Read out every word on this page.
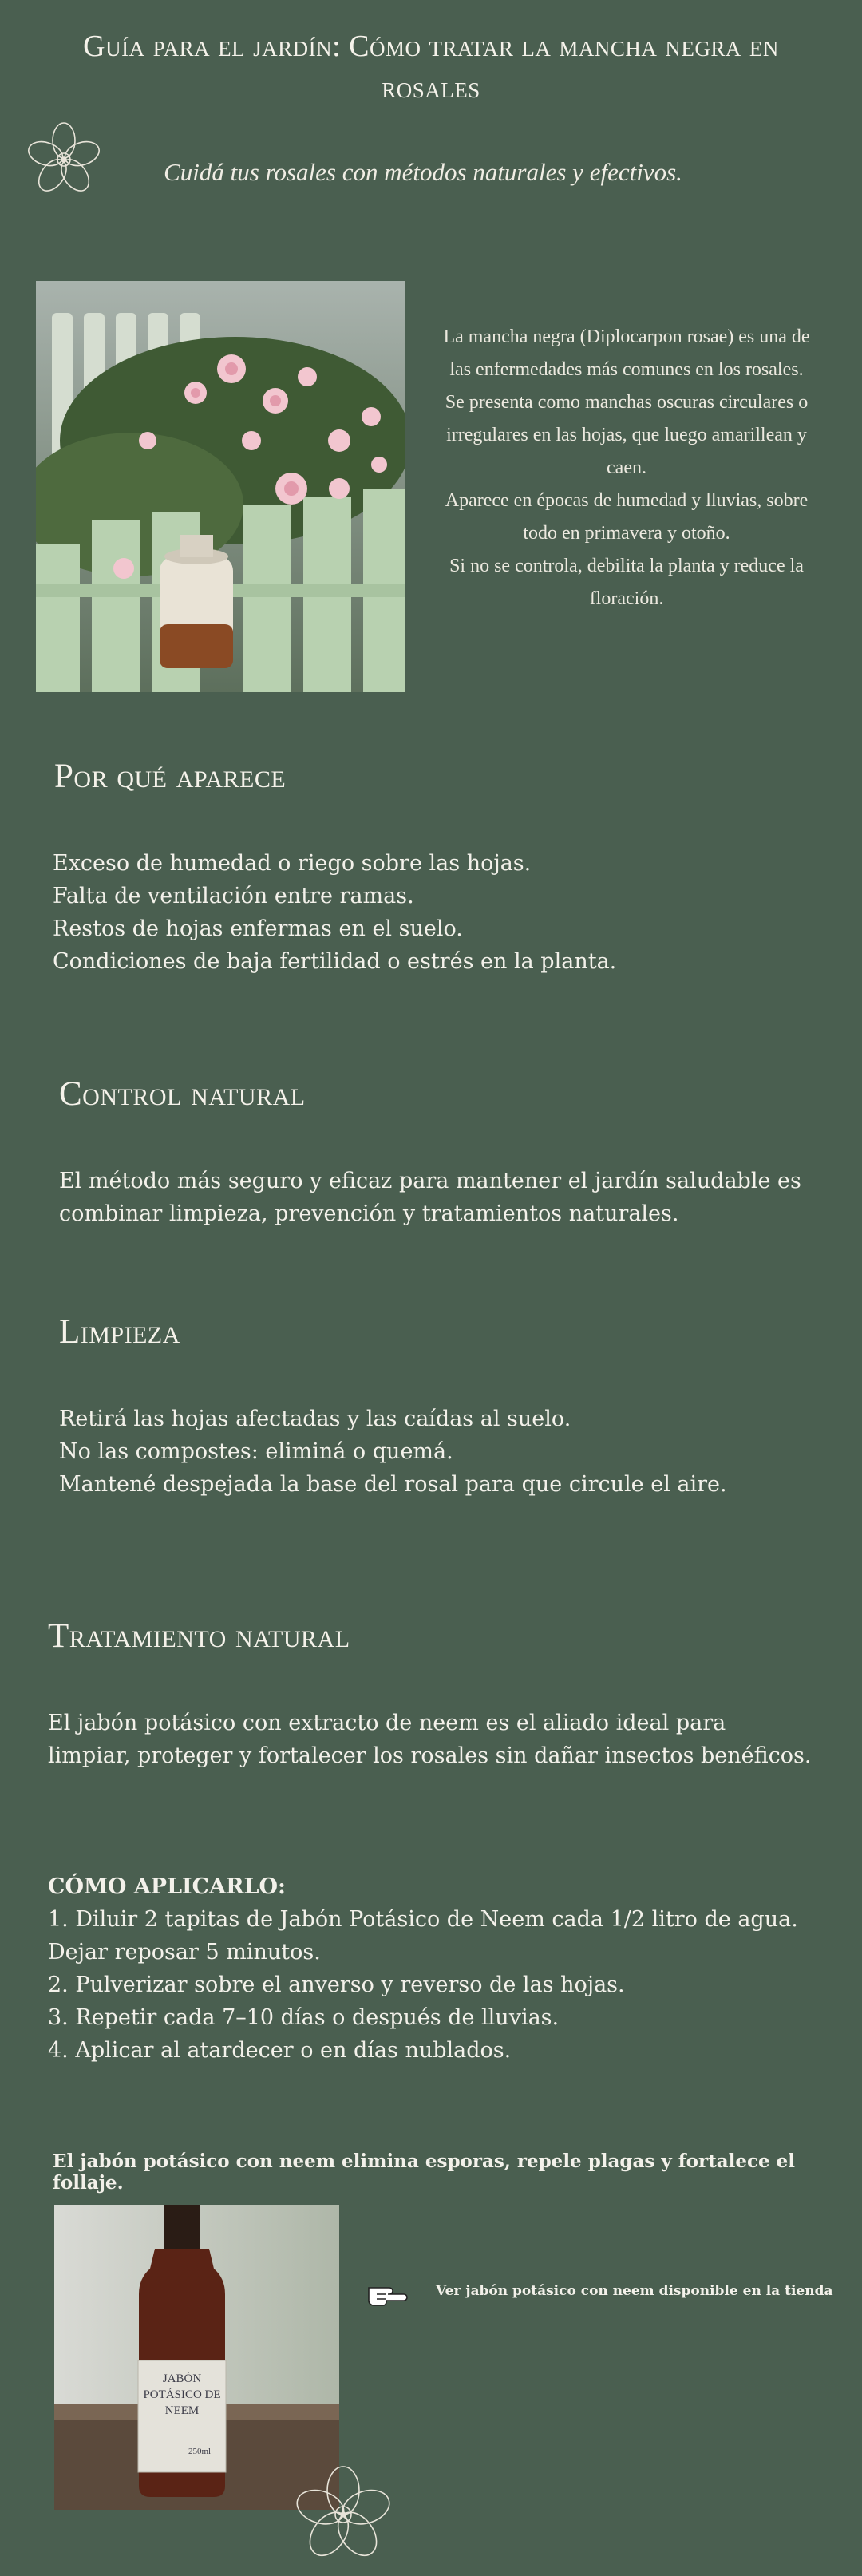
Guía para el jardín: Cómo tratar la mancha negra en rosales
Cuidá tus rosales con métodos naturales y efectivos.
La mancha negra (Diplocarpon rosae) es una de las enfermedades más comunes en los rosales.
Se presenta como manchas oscuras circulares o irregulares en las hojas, que luego amarillean y caen.
Aparece en épocas de humedad y lluvias, sobre todo en primavera y otoño.
Si no se controla, debilita la planta y reduce la floración.
Por qué aparece
Exceso de humedad o riego sobre las hojas.
Falta de ventilación entre ramas.
Restos de hojas enfermas en el suelo.
Condiciones de baja fertilidad o estrés en la planta.
Control natural
El método más seguro y eficaz para mantener el jardín saludable es combinar limpieza, prevención y tratamientos naturales.
Limpieza
Retirá las hojas afectadas y las caídas al suelo.
No las compostes: eliminá o quemá.
Mantené despejada la base del rosal para que circule el aire.
Tratamiento natural
El jabón potásico con extracto de neem es el aliado ideal para limpiar, proteger y fortalecer los rosales sin dañar insectos benéficos.
CÓMO APLICARLO:
1. Diluir 2 tapitas de Jabón Potásico de Neem cada 1/2 litro de agua. Dejar reposar 5 minutos.
2. Pulverizar sobre el anverso y reverso de las hojas.
3. Repetir cada 7–10 días o después de lluvias.
4. Aplicar al atardecer o en días nublados.
El jabón potásico con neem elimina esporas, repele plagas y fortalece el follaje.
JABÓN
POTÁSICO DE
NEEM
250ml
Ver jabón potásico con neem disponible en la tienda
